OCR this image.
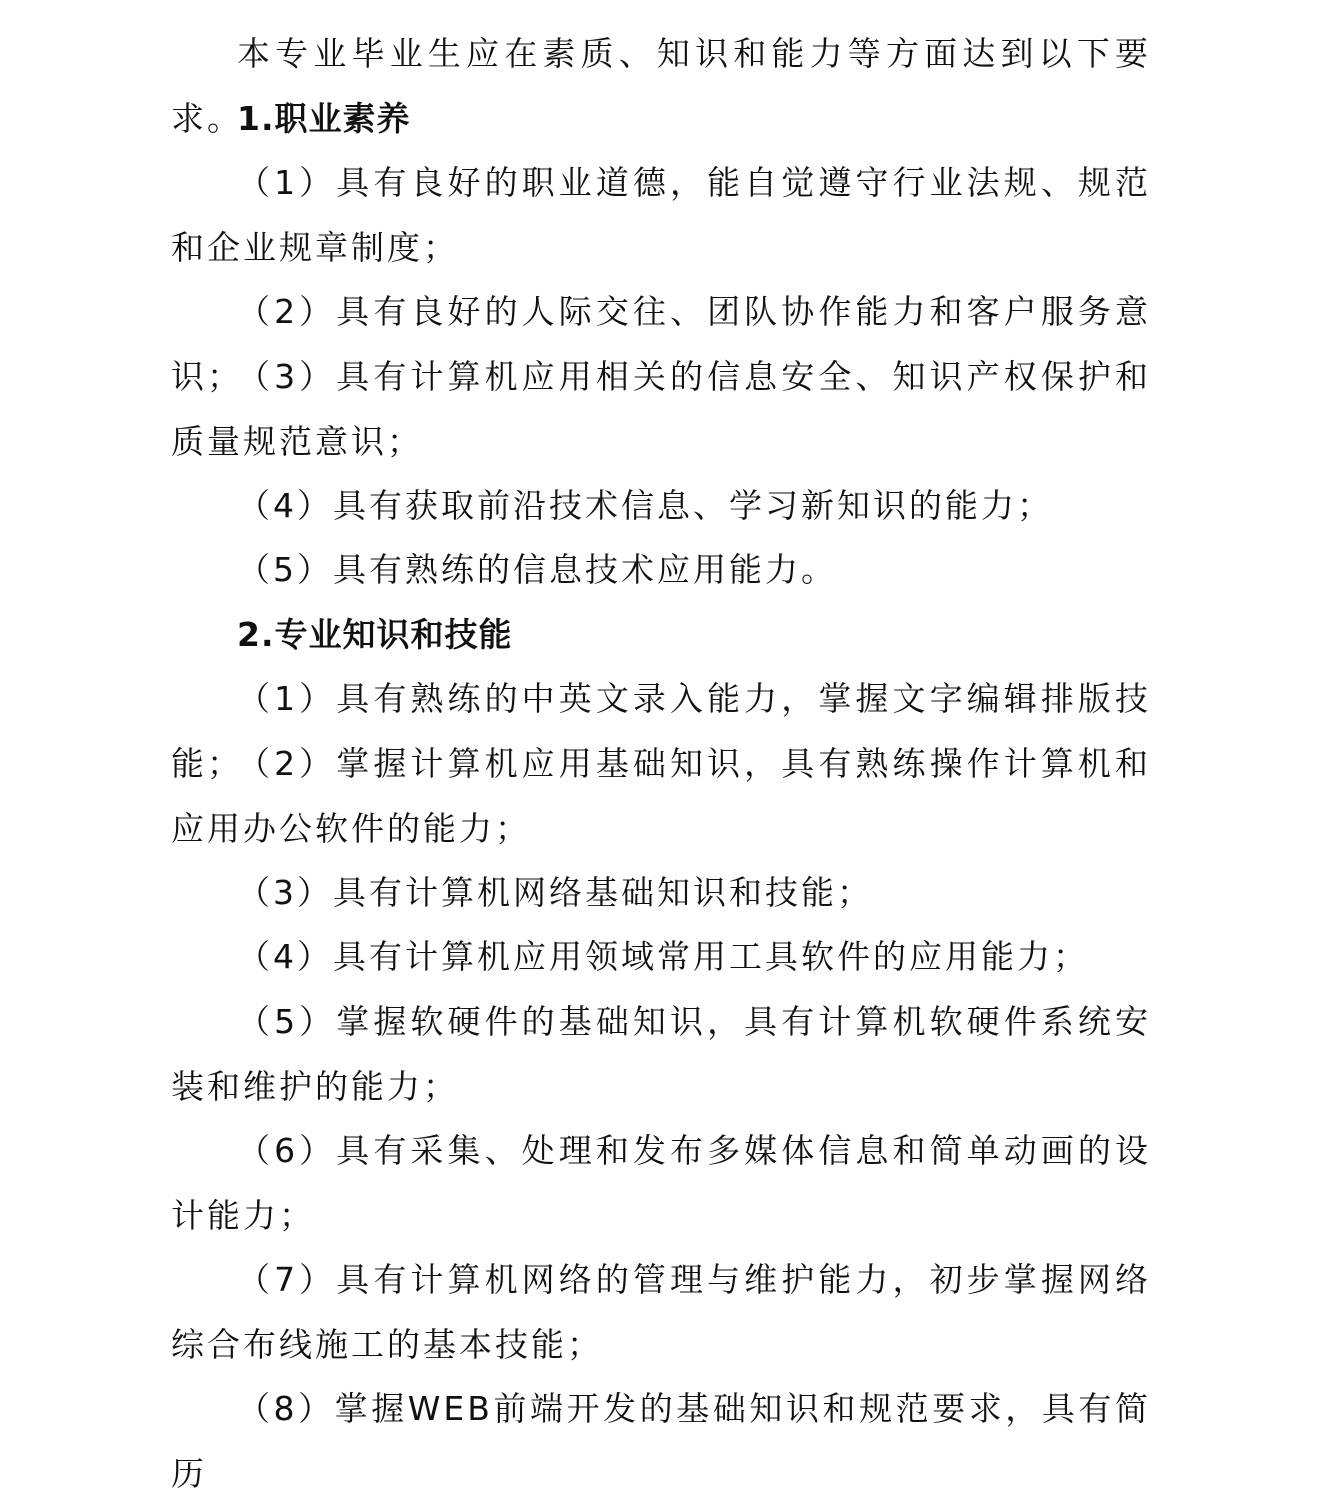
本专业毕业生应在素质、知识和能力等方面达到以下要求。

1.职业素养

（1）具有良好的职业道德，能自觉遵守行业法规、规范和企业规章制度；

（2）具有良好的人际交往、团队协作能力和客户服务意识；

（3）具有计算机应用相关的信息安全、知识产权保护和质量规范意识；

（4）具有获取前沿技术信息、学习新知识的能力；

（5）具有熟练的信息技术应用能力。

2.专业知识和技能

（1）具有熟练的中英文录入能力，掌握文字编辑排版技能；

（2）掌握计算机应用基础知识，具有熟练操作计算机和应用办公软件的能力；

（3）具有计算机网络基础知识和技能；

（4）具有计算机应用领域常用工具软件的应用能力；

（5）掌握软硬件的基础知识，具有计算机软硬件系统安装和维护的能力；

（6）具有采集、处理和发布多媒体信息和简单动画的设计能力；

（7）具有计算机网络的管理与维护能力，初步掌握网络综合布线施工的基本技能；

（8）掌握WEB前端开发的基础知识和规范要求，具有简历
